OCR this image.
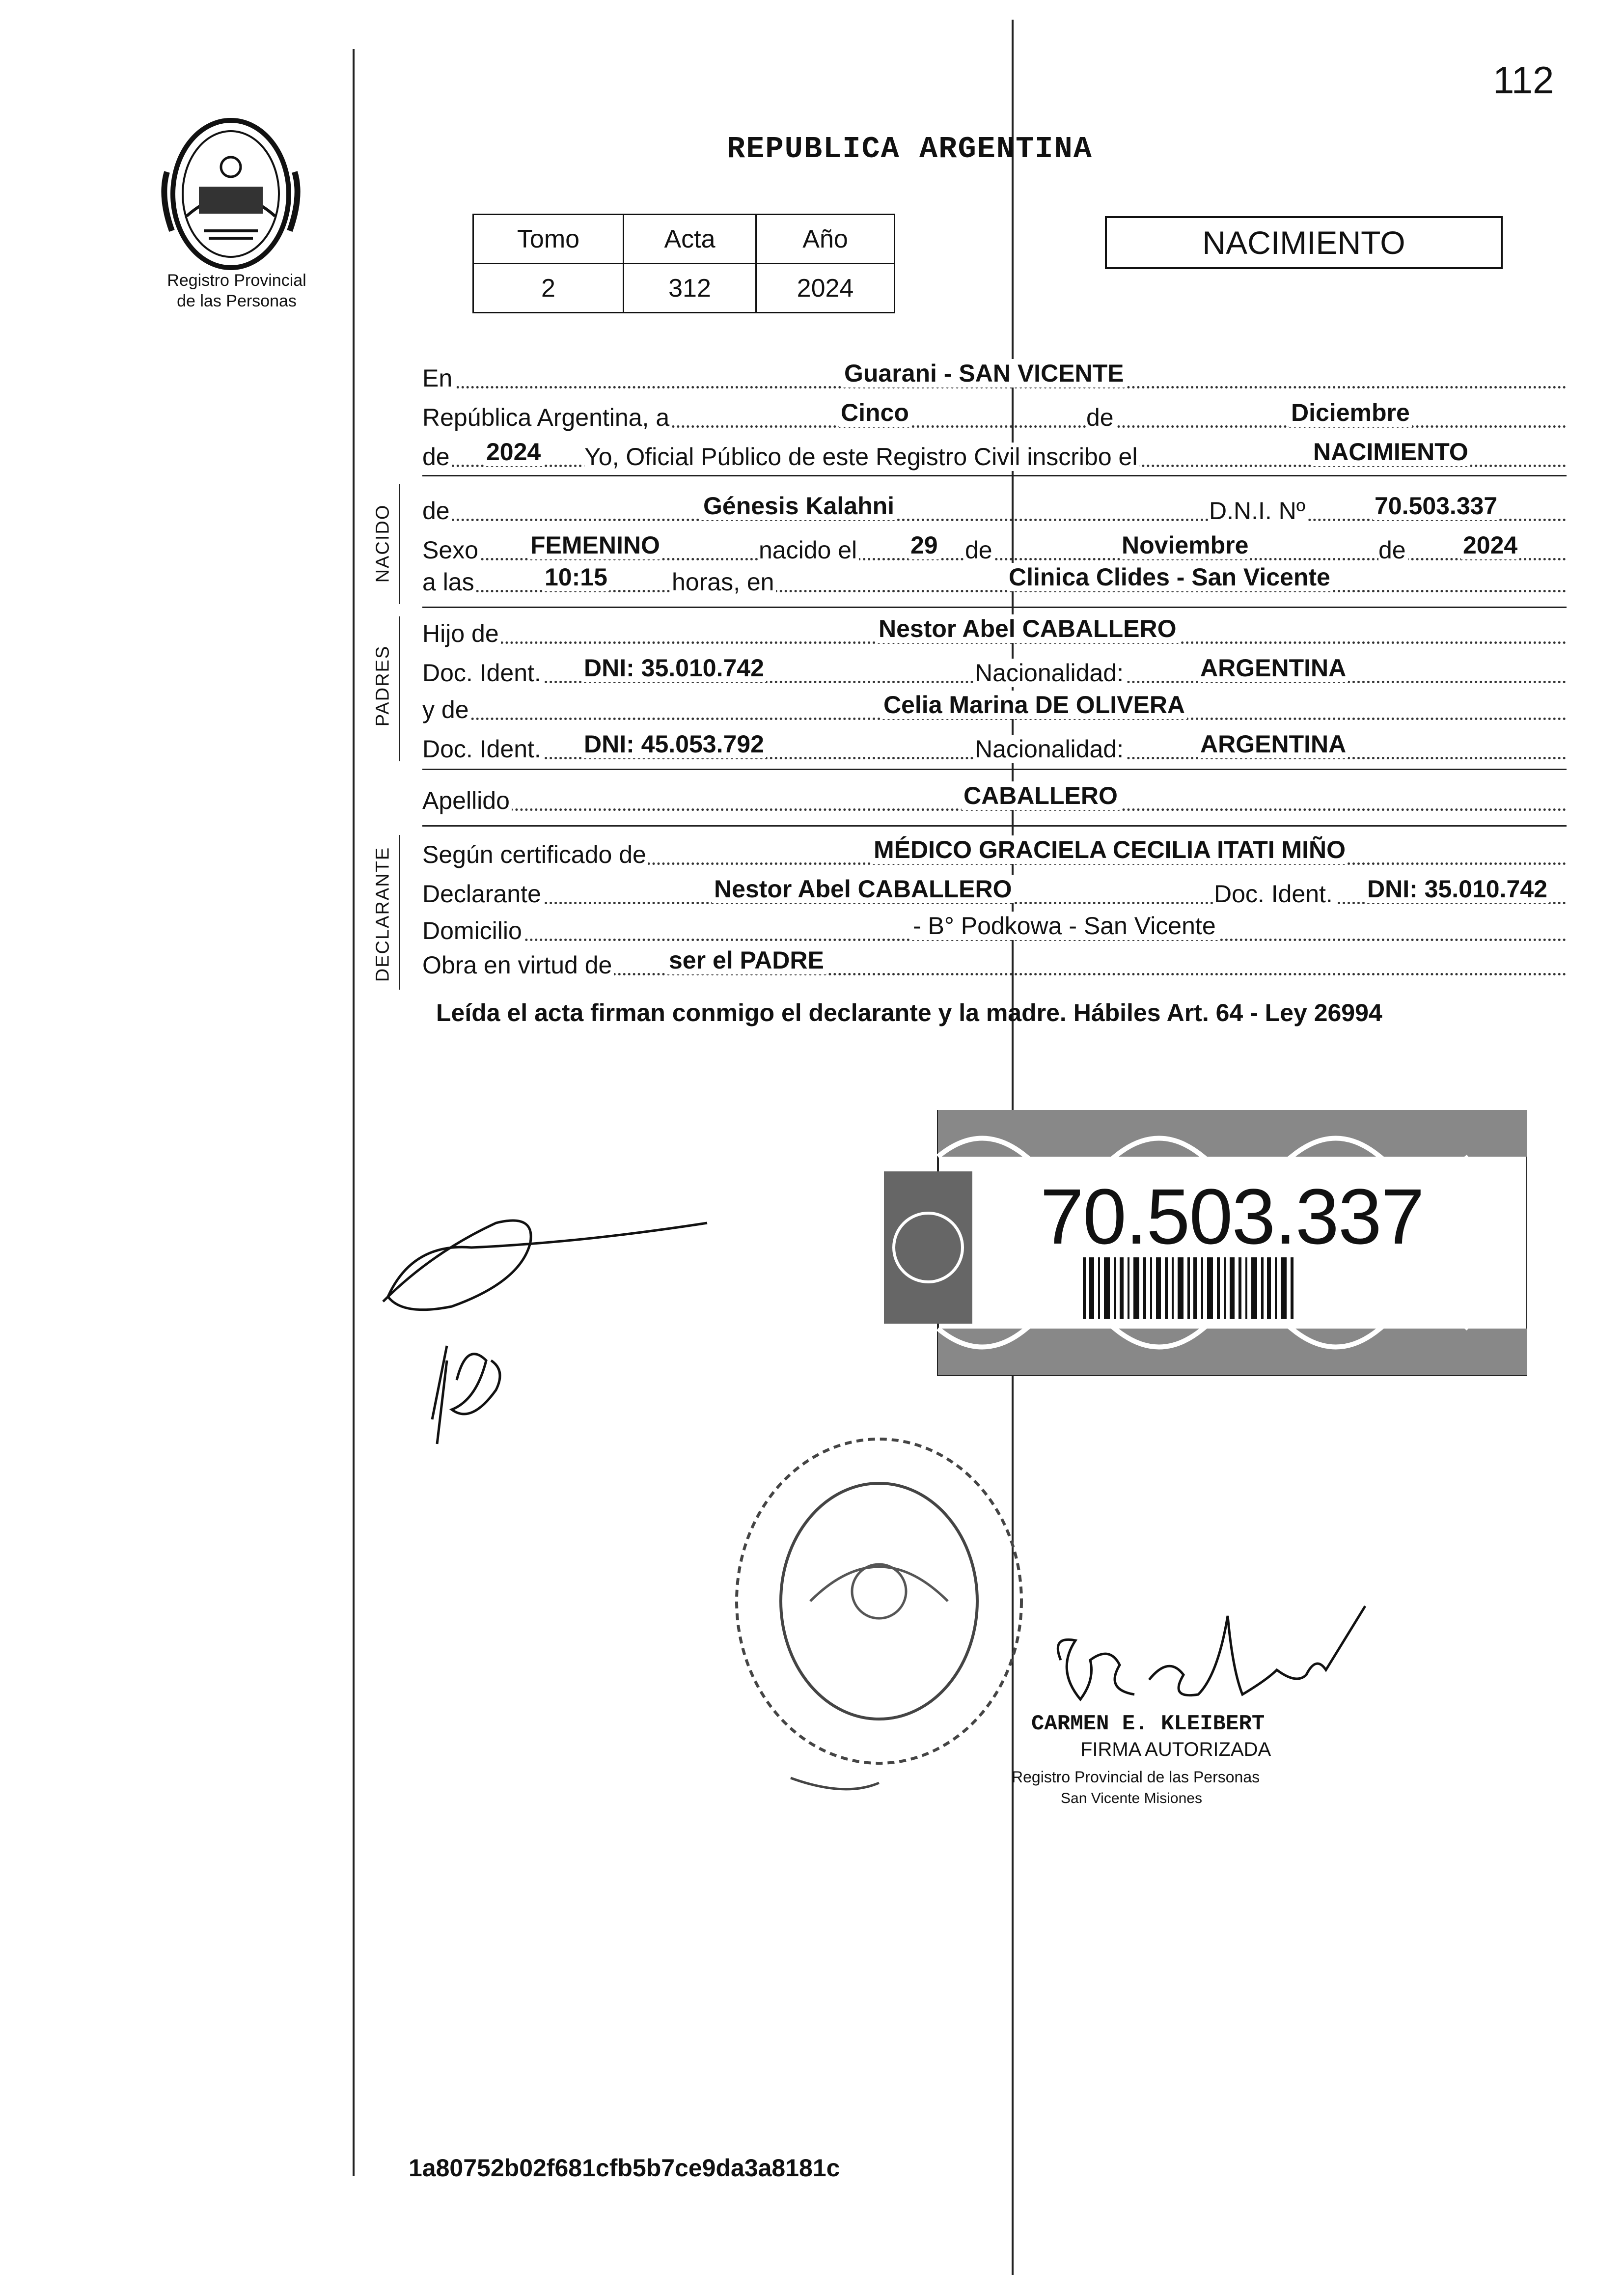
112
Registro Provincial
de las Personas
REPUBLICA ARGENTINA
Tomo	Acta	Año
2	312	2024
NACIMIENTO
En	Guarani - SAN VICENTE
República Argentina, a	Cinco	de	Diciembre
de 2024 Yo, Oficial Público de este Registro Civil inscribo el	NACIMIENTO
NACIDO de	Génesis Kalahni	D.N.I. Nº	70.503.337
Sexo FEMENINO	nacido el 29 de	Noviembre	de 2024
a las	10:15	horas, en	Clinica Clides - San Vicente
PADRES
Hijo de	Nestor Abel CABALLERO
Doc. Ident. DNI: 35.010.742	Nacionalidad:	ARGENTINA
y de	Celia Marina DE OLIVERA
Doc. Ident. DNI: 45.053.792	Nacionalidad:	ARGENTINA
Apellido	CABALLERO
DECLARANTE Según certificado de	MÉDICO GRACIELA CECILIA ITATI MIÑO
Declarante	Nestor Abel CABALLERO	Doc. Ident. DNI: 35.010.742
Domicilio	- B° Podkowa - San Vicente
Obra en virtud de ser el PADRE
Leída el acta firman conmigo el declarante y la madre. Hábiles Art. 64 - Ley 26994
70.503.337
CARMEN E. KLEIBERT
FIRMA AUTORIZADA
Registro Provincial de las Personas
San Vicente Misiones
1a80752b02f681cfb5b7ce9da3a8181c
